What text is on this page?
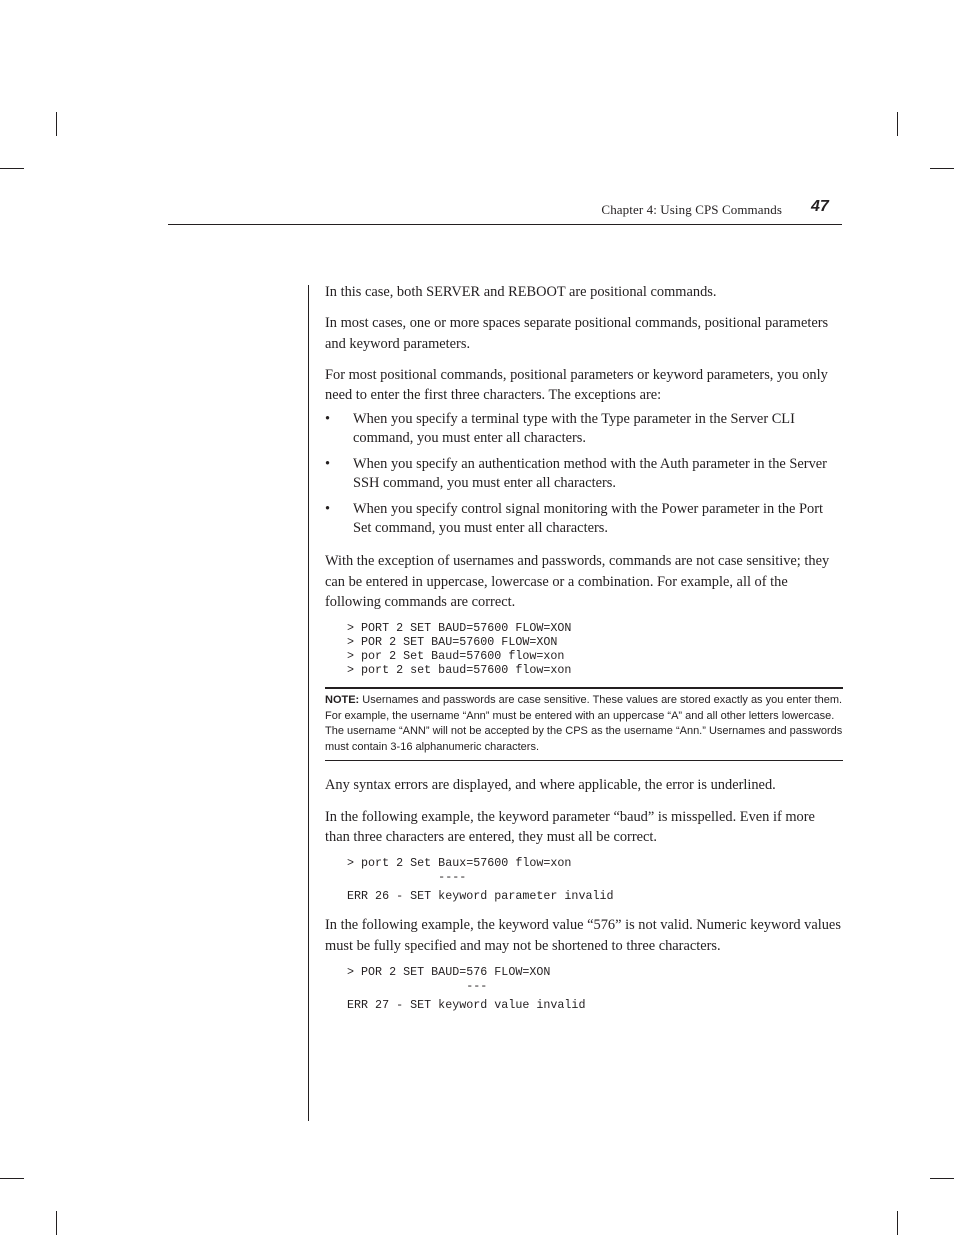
Chapter 4: Using CPS Commands 47

In this case, both SERVER and REBOOT are positional commands.

In most cases, one or more spaces separate positional commands, positional parameters and keyword parameters.

For most positional commands, positional parameters or keyword parameters, you only need to enter the first three characters. The exceptions are:

• When you specify a terminal type with the Type parameter in the Server CLI command, you must enter all characters.
• When you specify an authentication method with the Auth parameter in the Server SSH command, you must enter all characters.
• When you specify control signal monitoring with the Power parameter in the Port Set command, you must enter all characters.

With the exception of usernames and passwords, commands are not case sensitive; they can be entered in uppercase, lowercase or a combination. For example, all of the following commands are correct.

> PORT 2 SET BAUD=57600 FLOW=XON
> POR 2 SET BAU=57600 FLOW=XON
> por 2 Set Baud=57600 flow=xon
> port 2 set baud=57600 flow=xon
NOTE: Usernames and passwords are case sensitive. These values are stored exactly as you enter them. For example, the username “Ann” must be entered with an uppercase “A” and all other letters lowercase. The username “ANN” will not be accepted by the CPS as the username “Ann.” Usernames and passwords must contain 3-16 alphanumeric characters.

Any syntax errors are displayed, and where applicable, the error is underlined.

In the following example, the keyword parameter “baud” is misspelled. Even if more than three characters are entered, they must all be correct.

> port 2 Set Baux=57600 flow=xon
----

ERR 26 - SET keyword parameter invalid

In the following example, the keyword value “576” is not valid. Numeric keyword values must be fully specified and may not be shortened to three characters.

> POR 2 SET BAUD=576 FLOW=XON
---

ERR 27 - SET keyword value invalid
